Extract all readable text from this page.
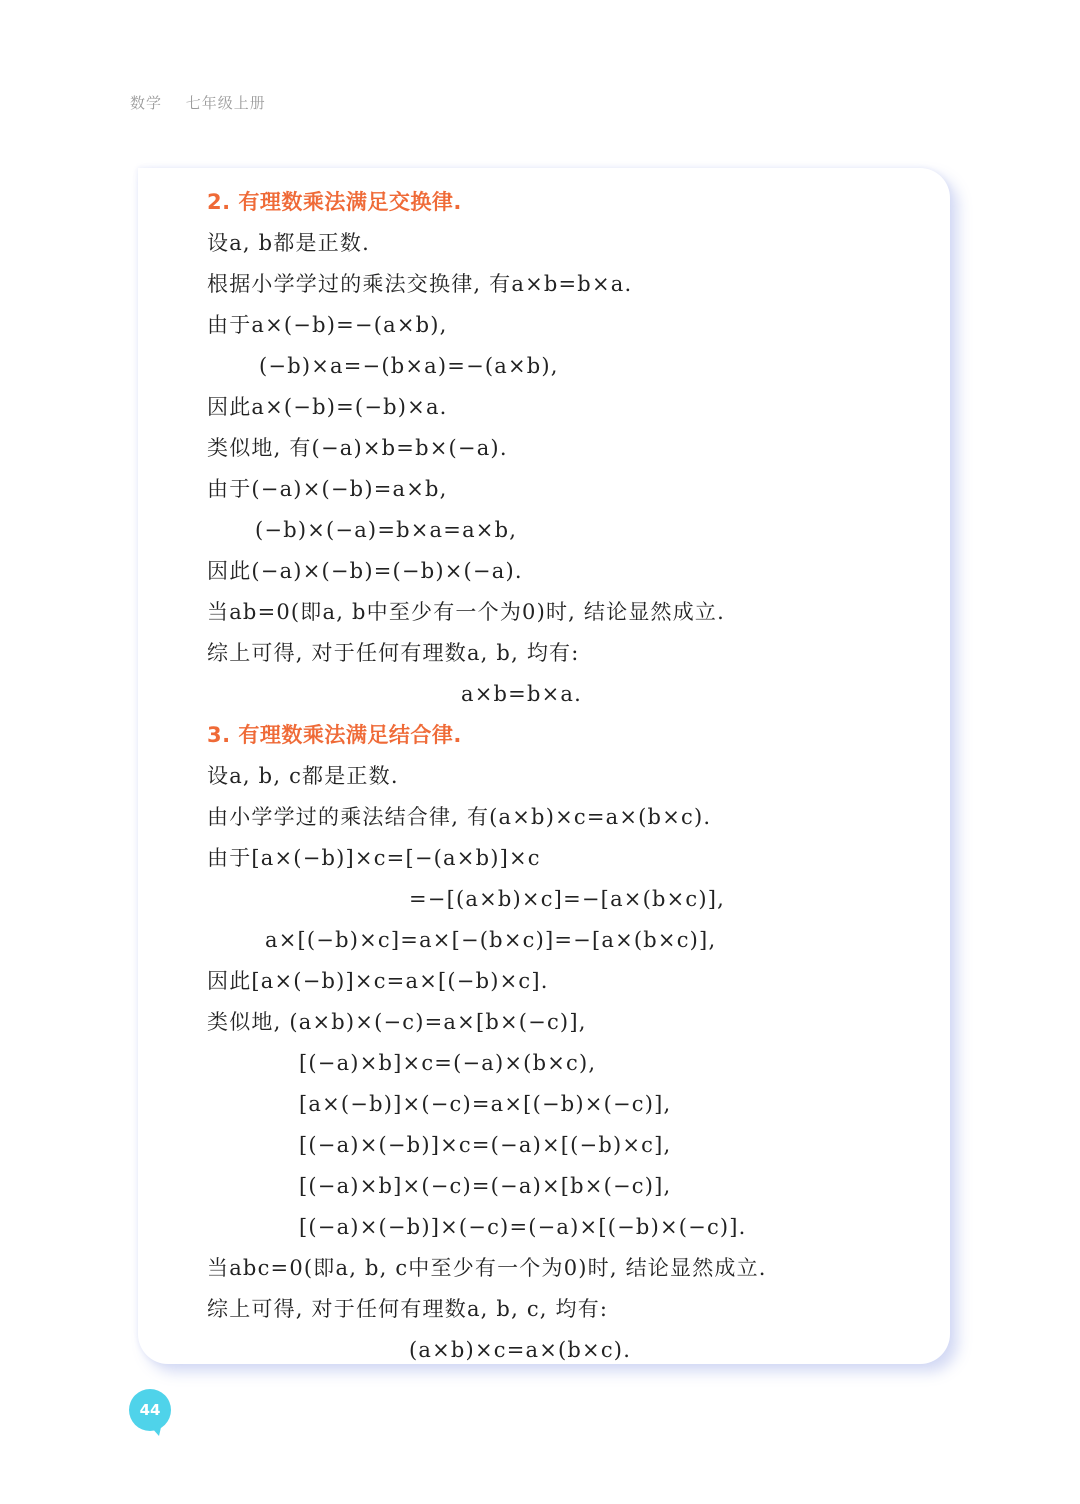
数学 七年级上册
2. 有理数乘法满足交换律.
设a, b都是正数.
根据小学学过的乘法交换律, 有a×b=b×a.
由于a×(−b)=−(a×b),
(−b)×a=−(b×a)=−(a×b),
因此a×(−b)=(−b)×a.
类似地, 有(−a)×b=b×(−a).
由于(−a)×(−b)=a×b,
(−b)×(−a)=b×a=a×b,
因此(−a)×(−b)=(−b)×(−a).
当ab=0(即a, b中至少有一个为0)时, 结论显然成立.
综上可得, 对于任何有理数a, b, 均有:
a×b=b×a.
3. 有理数乘法满足结合律.
设a, b, c都是正数.
由小学学过的乘法结合律, 有(a×b)×c=a×(b×c).
由于[a×(−b)]×c=[−(a×b)]×c
=−[(a×b)×c]=−[a×(b×c)],
a×[(−b)×c]=a×[−(b×c)]=−[a×(b×c)],
因此[a×(−b)]×c=a×[(−b)×c].
类似地, (a×b)×(−c)=a×[b×(−c)],
[(−a)×b]×c=(−a)×(b×c),
[a×(−b)]×(−c)=a×[(−b)×(−c)],
[(−a)×(−b)]×c=(−a)×[(−b)×c],
[(−a)×b]×(−c)=(−a)×[b×(−c)],
[(−a)×(−b)]×(−c)=(−a)×[(−b)×(−c)].
当abc=0(即a, b, c中至少有一个为0)时, 结论显然成立.
综上可得, 对于任何有理数a, b, c, 均有:
(a×b)×c=a×(b×c).
44
